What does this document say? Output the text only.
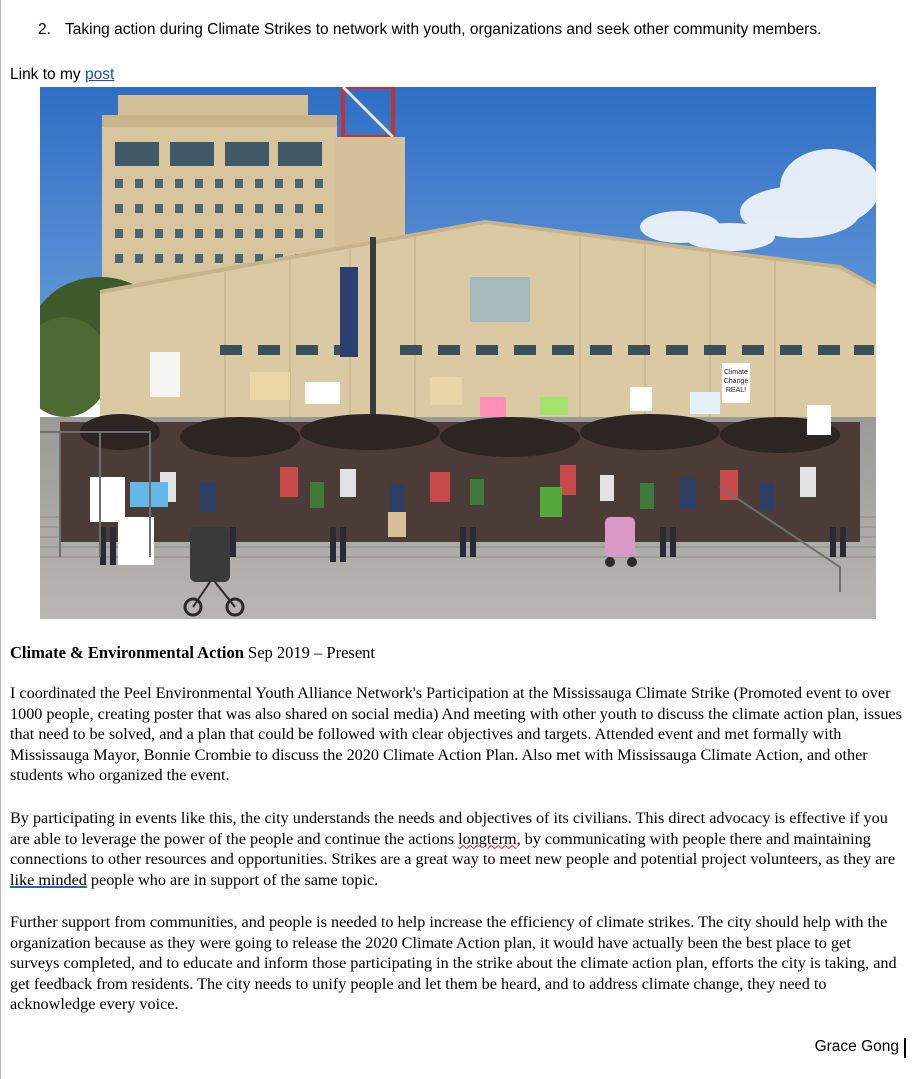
2. Taking action during Climate Strikes to network with youth, organizations and seek other community members.
Link to my post
Climate
Change
REAL!
Climate & Environmental Action Sep 2019 – Present

I coordinated the Peel Environmental Youth Alliance Network's Participation at the Mississauga Climate Strike (Promoted event to over 1000 people, creating poster that was also shared on social media) And meeting with other youth to discuss the climate action plan, issues that need to be solved, and a plan that could be followed with clear objectives and targets. Attended event and met formally with Mississauga Mayor, Bonnie Crombie to discuss the 2020 Climate Action Plan. Also met with Mississauga Climate Action, and other students who organized the event.

By participating in events like this, the city understands the needs and objectives of its civilians. This direct advocacy is effective if you are able to leverage the power of the people and continue the actions longterm, by communicating with people there and maintaining connections to other resources and opportunities. Strikes are a great way to meet new people and potential project volunteers, as they are like minded people who are in support of the same topic.

Further support from communities, and people is needed to help increase the efficiency of climate strikes. The city should help with the organization because as they were going to release the 2020 Climate Action plan, it would have actually been the best place to get surveys completed, and to educate and inform those participating in the strike about the climate action plan, efforts the city is taking, and get feedback from residents. The city needs to unify people and let them be heard, and to address climate change, they need to acknowledge every voice.

Grace Gong
